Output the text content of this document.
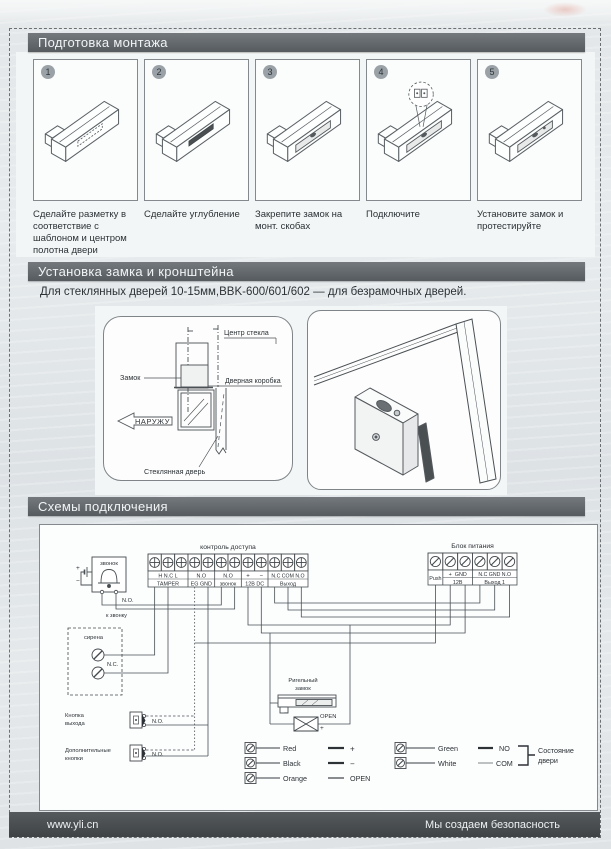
Подготовка монтажа
1
Сделайте разметку в соответствие с шаблоном и центром полотна двери
2
Сделайте углубление
3
Закрепите замок на монт. скобах
4
Подключите
5
Установите замок и протестируйте
Установка замка и кронштейна
Для стеклянных дверей 10-15мм,BBK-600/601/602 — для безрамочных дверей.
Центр стекла
Дверная коробка
Замок
НАРУЖУ
Стеклянная дверь
Схемы подключения
контроль доступа
H N.C L
TAMPER
N.O
EG GND
N.O
звонок
+ −
12В DC
N.C COM N.O
Выход
Блок питания
Push
+  GND
12В
N.C GND N.O
Выход 1
звонок
+
−
N.O.
к звонку
сирена
N.C.
Кнопка
выхода	N.O.
Дополнительные
кнопки
N.O.
Ригельный
замок
OPEN
+
−
Red	+
Black	−
Orange	OPEN
Green	NO
White	COM
Состояние
двери
www.yli.cn	Мы создаем безопасность
